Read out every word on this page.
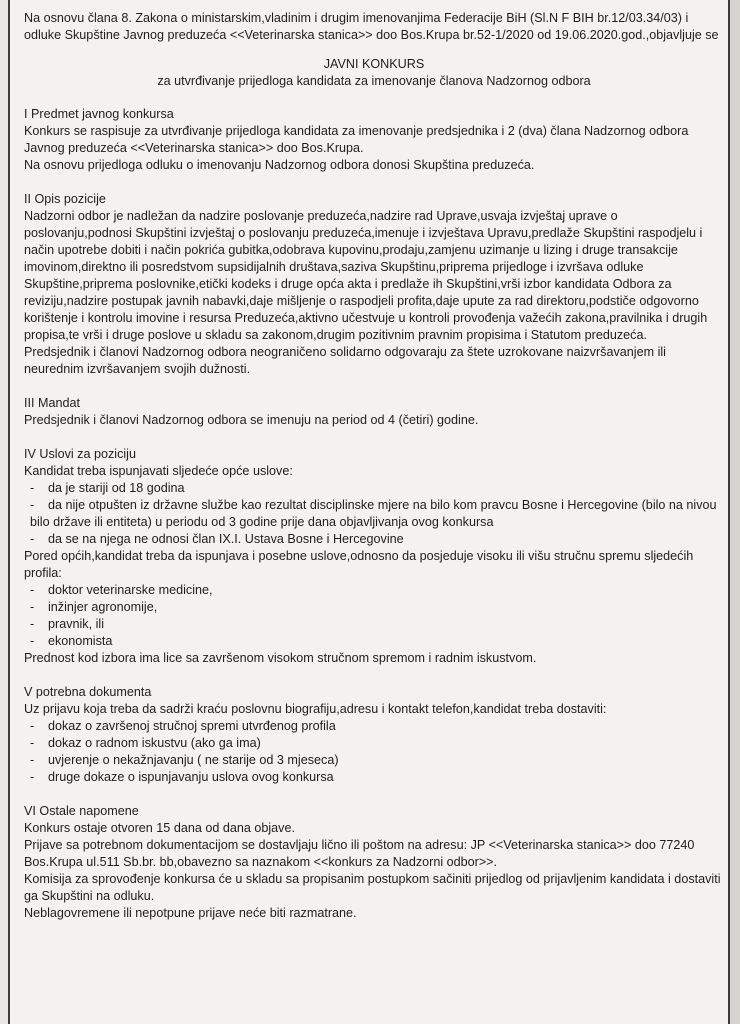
Na osnovu člana 8. Zakona o ministarskim,vladinim i drugim imenovanjima Federacije BiH (Sl.N F BIH br.12/03.34/03) i odluke Skupštine Javnog preduzeća <<Veterinarska stanica>> doo Bos.Krupa br.52-1/2020 od 19.06.2020.god.,objavljuje se

JAVNI KONKURS

za utvrđivanje prijedloga kandidata za imenovanje članova Nadzornog odbora

I Predmet javnog konkursa

Konkurs se raspisuje za utvrđivanje prijedloga kandidata za imenovanje predsjednika i 2 (dva) člana Nadzornog odbora Javnog preduzeća <<Veterinarska stanica>> doo Bos.Krupa.

Na osnovu prijedloga odluku o imenovanju Nadzornog odbora donosi Skupština preduzeća.

II Opis pozicije

Nadzorni odbor je nadležan da nadzire poslovanje preduzeća,nadzire rad Uprave,usvaja izvještaj uprave o poslovanju,podnosi Skupštini izvještaj o poslovanju preduzeća,imenuje i izvještava Upravu,predlaže Skupštini raspodjelu i način upotrebe dobiti i način pokrića gubitka,odobrava kupovinu,prodaju,zamjenu uzimanje u lizing i druge transakcije imovinom,direktno ili posredstvom supsidijalnih društava,saziva Skupštinu,priprema prijedloge i izvršava odluke Skupštine,pripremа poslovnike,etički kodeks i druge opća akta i predlaže ih Skupštini,vrši izbor kandidata Odbora za reviziju,nadzire postupak javnih nabavki,daje mišljenje o raspodjeli profita,daje upute za rad direktoru,podstiče odgovorno korištenje i kontrolu imovine i resursa Preduzeća,aktivno učestvuje u kontroli provođenja važećih zakona,pravilnika i drugih propisa,te vrši i druge poslove u skladu sa zakonom,drugim pozitivnim pravnim propisima i Statutom preduzeća.

Predsjednik i članovi Nadzornog odbora neograničeno solidarno odgovaraju za štete uzrokovane naizvršavanjem ili neurednim izvršavanjem svojih dužnosti.

III Mandat

Predsjednik i članovi Nadzornog odbora se imenuju na period od 4 (četiri) godine.

IV Uslovi za poziciju

Kandidat treba ispunjavati sljedeće opće uslove:

- da je stariji od 18 godina
- da nije otpušten iz državne službe kao rezultat disciplinske mjere na bilo kom pravcu Bosne i Hercegovine (bilo na nivou bilo države ili entiteta) u periodu od 3 godine prije dana objavljivanja ovog konkursa
- da se na njega ne odnosi član IX.I. Ustava Bosne i Hercegovine

Pored općih,kandidat treba da ispunjava i posebne uslove,odnosno da posjeduje visoku ili višu stručnu spremu sljedećih profila:

- doktor veterinarske medicine,
- inžinjer agronomije,
- pravnik, ili
- ekonomista

Prednost kod izbora ima lice sa završenom visokom stručnom spremom i radnim iskustvom.

V potrebna dokumenta

Uz prijavu koja treba da sadrži kraću poslovnu biografiju,adresu i kontakt telefon,kandidat treba dostaviti:

- dokaz o završenoj stručnoj spremi utvrđenog profila
- dokaz o radnom iskustvu (ako ga ima)
- uvjerenje o nekažnjavanju ( ne starije od 3 mjeseca)
- druge dokaze o ispunjavanju uslova ovog konkursa

VI Ostale napomene

Konkurs ostaje otvoren 15 dana od dana objave.

Prijave sa potrebnom dokumentacijom se dostavljaju lično ili poštom na adresu: JP <<Veterinarska stanica>> doo 77240 Bos.Krupa ul.511 Sb.br. bb,obavezno sa naznakom <<konkurs za Nadzorni odbor>>.

Komisija za sprovođenje konkursa će u skladu sa propisanim postupkom sačiniti prijedlog od prijavljenim kandidata i dostaviti ga Skupštini na odluku.

Neblagovremene ili nepotpune prijave neće biti razmatrane.
